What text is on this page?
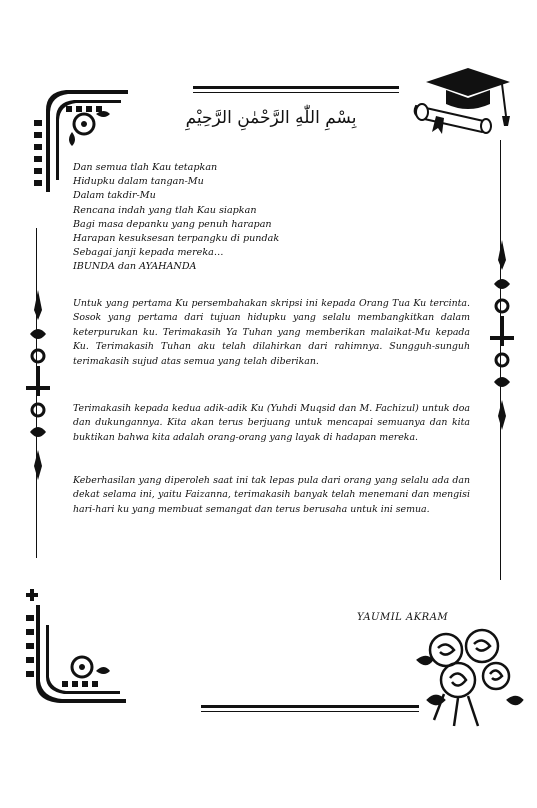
بِسْمِ اللّٰهِ الرَّحْمٰنِ الرَّحِيْمِ
Dan semua tlah Kau tetapkan
Hidupku dalam tangan-Mu
Dalam takdir-Mu
Rencana indah yang tlah Kau siapkan
Bagi masa depanku yang penuh harapan
Harapan kesuksesan terpangku di pundak
Sebagai janji kepada mereka…
IBUNDA dan AYAHANDA
Untuk yang pertama Ku persembahakan skripsi ini kepada Orang Tua Ku tercinta. Sosok yang pertama dari tujuan hidupku yang selalu membangkitkan dalam keterpurukan ku. Terimakasih Ya Tuhan yang memberikan malaikat-Mu kepada Ku. Terimakasih Tuhan aku telah dilahirkan dari rahimnya. Sungguh-sunguh terimakasih sujud atas semua yang telah diberikan.
Terimakasih kepada kedua adik-adik Ku (Yuhdi Muqsid dan M. Fachizul) untuk doa dan dukungannya. Kita akan terus berjuang untuk mencapai semuanya dan kita buktikan bahwa kita adalah orang-orang yang layak di hadapan mereka.
Keberhasilan yang diperoleh saat ini tak lepas pula dari orang yang selalu ada dan dekat selama ini, yaitu Faizanna, terimakasih banyak telah menemani dan mengisi hari-hari ku yang membuat semangat dan terus berusaha untuk ini semua.
YAUMIL AKRAM
